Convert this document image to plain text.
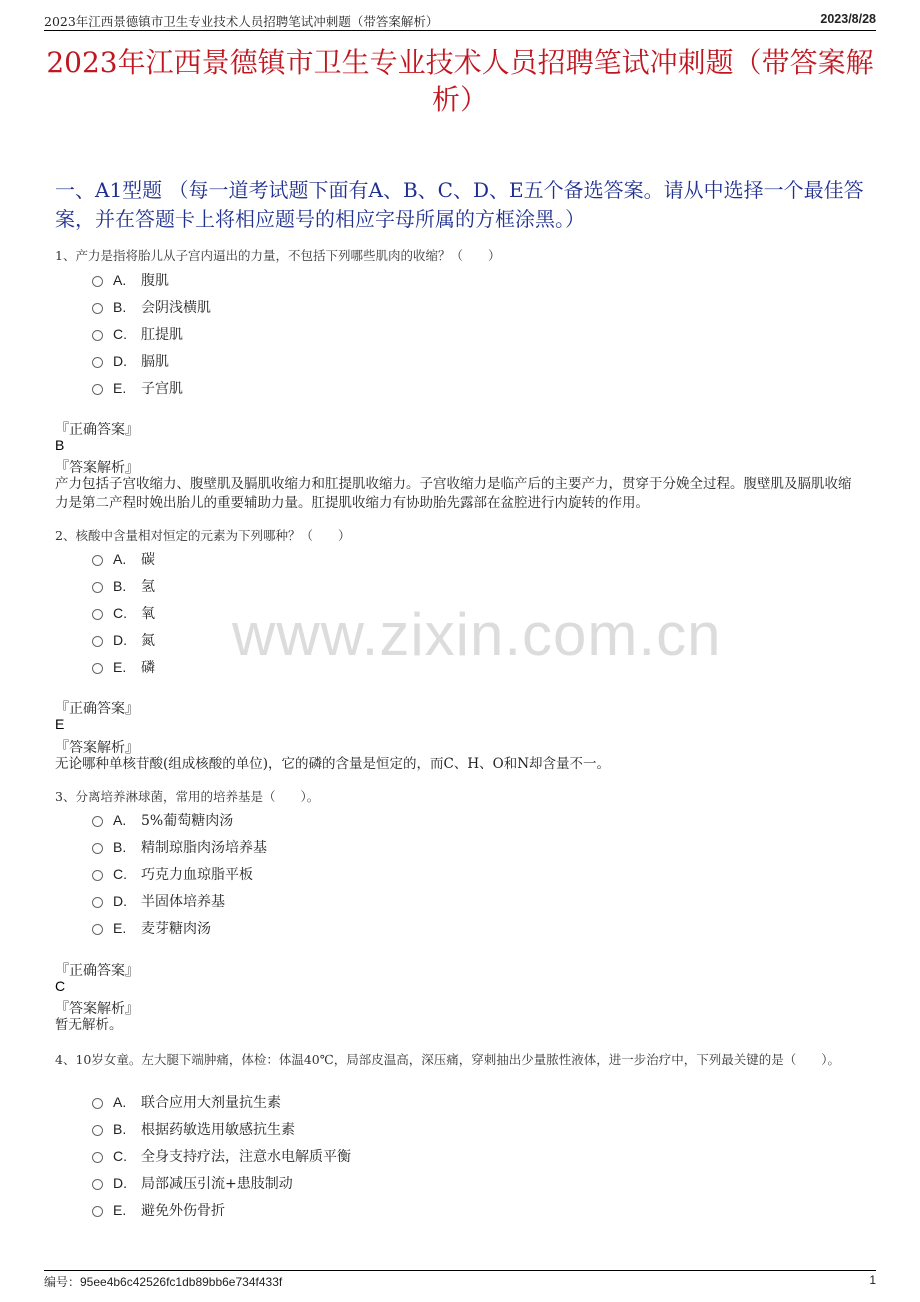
2023年江西景德镇市卫生专业技术人员招聘笔试冲刺题（带答案解析）	2023/8/28
2023年江西景德镇市卫生专业技术人员招聘笔试冲刺题（带答案解析）
一、A1型题 （每一道考试题下面有A、B、C、D、E五个备选答案。请从中选择一个最佳答案，并在答题卡上将相应题号的相应字母所属的方框涂黑。）
www.zixin.com.cn
1、产力是指将胎儿从子宫内逼出的力量，不包括下列哪些肌肉的收缩？（　　）
A. 腹肌
B. 会阴浅横肌
C. 肛提肌
D. 膈肌
E. 子宫肌
『正确答案』
B
『答案解析』
产力包括子宫收缩力、腹壁肌及膈肌收缩力和肛提肌收缩力。子宫收缩力是临产后的主要产力，贯穿于分娩全过程。腹壁肌及膈肌收缩力是第二产程时娩出胎儿的重要辅助力量。肛提肌收缩力有协助胎先露部在盆腔进行内旋转的作用。
2、核酸中含量相对恒定的元素为下列哪种？（　　）
A. 碳
B. 氢
C. 氧
D. 氮
E. 磷
『正确答案』
E
『答案解析』
无论哪种单核苷酸(组成核酸的单位)，它的磷的含量是恒定的，而C、H、O和N却含量不一。
3、分离培养淋球菌，常用的培养基是（　　）。
A. 5%葡萄糖肉汤
B. 精制琼脂肉汤培养基
C. 巧克力血琼脂平板
D. 半固体培养基
E. 麦芽糖肉汤
『正确答案』
C
『答案解析』
暂无解析。
4、10岁女童。左大腿下端肿痛，体检：体温40℃，局部皮温高，深压痛，穿刺抽出少量脓性液体，进一步治疗中，下列最关键的是（　　）。
A. 联合应用大剂量抗生素
B. 根据药敏选用敏感抗生素
C. 全身支持疗法，注意水电解质平衡
D. 局部减压引流+患肢制动
E. 避免外伤骨折
编号：95ee4b6c42526fc1db89bb6e734f433f	1
